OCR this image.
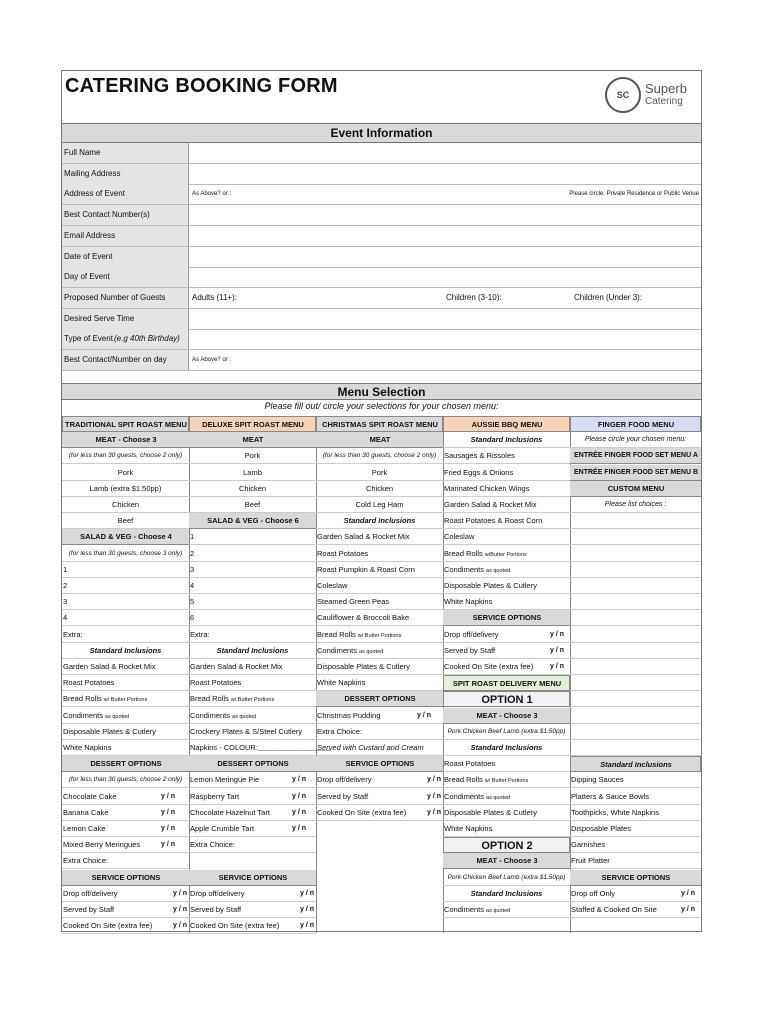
CATERING BOOKING FORM	SC	Superb
Catering
Event Information
Full Name
Mailing Address
Address of Event	As Above? or :	Please circle: Private Residence or Public Venue
Best Contact Number(s)
Email Address
Date of Event
Day of Event
Proposed Number of Guests	Adults (11+):	Children (3-10):	Children (Under 3):
Desired Serve Time
Type of Event (e.g 40th Birthday)
Best Contact/Number on day	As Above? or :
Menu Selection
Please fill out/ circle your selections for your chosen menu:
TRADITIONAL SPIT ROAST MENU
MEAT - Choose 3
(for less than 30 guests, choose 2 only)
Pork
Lamb (extra $1.50pp)
Chicken
Beef
SALAD & VEG - Choose 4
(for less than 30 guests, choose 3 only)
1
2
3
4
Extra:
Standard Inclusions
Garden Salad & Rocket Mix
Roast Potatoes
Bread Rolls w/ Butter Portions
Condiments as quoted
Disposable Plates & Cutlery
White Napkins
DESSERT OPTIONS
(for less than 30 guests, choose 2 only)
Chocolate Cake	y / n
Banana Cake	y / n
Lemon Cake	y / n
Mixed Berry Meringues	y / n
Extra Choice:
SERVICE OPTIONS
Drop off/delivery	y / n
Served by Staff	y / n
Cooked On Site (extra fee)	y / n
DELUXE SPIT ROAST MENU
MEAT
Pork
Lamb
Chicken
Beef
SALAD & VEG - Choose 6
1
2
3
4
5
6
Extra:
Standard Inclusions
Garden Salad & Rocket Mix
Roast Potatoes
Bread Rolls w/ Butter Portions
Condiments as quoted
Crockery Plates & S/Steel Cutlery
Napkins - COLOUR:________________________
DESSERT OPTIONS
Lemon Meringue Pie	y / n
Raspberry Tart	y / n
Chocolate Hazelnut Tart	y / n
Apple Crumble Tart	y / n
Extra Choice:
SERVICE OPTIONS
Drop off/delivery	y / n
Served by Staff	y / n
Cooked On Site (extra fee)	y / n
CHRISTMAS SPIT ROAST MENU
MEAT
(for less than 30 guests, choose 2 only)
Pork
Chicken
Cold Leg Ham
Standard Inclusions
Garden Salad & Rocket Mix
Roast Potatoes
Roast Pumpkin & Roast Corn
Coleslaw
Steamed Green Peas
Cauliflower & Broccoli Bake
Bread Rolls w/ Butter Portions
Condiments as quoted
Disposable Plates & Cutlery
White Napkins
DESSERT OPTIONS
Christmas Pudding	y / n
Extra Choice:
Served with Custard and Cream
SERVICE OPTIONS
Drop off/delivery	y / n
Served by Staff	y / n
Cooked On Site (extra fee)	y / n
AUSSIE BBQ MENU
Standard Inclusions
Sausages & Rissoles
Fried Eggs & Onions
Marinated Chicken Wings
Garden Salad & Rocket Mix
Roast Potatoes & Roast Corn
Coleslaw
Bread Rolls w/Butter Portions
Condiments as quoted
Disposable Plates & Cutlery
White Napkins
SERVICE OPTIONS
Drop off/delivery	y / n
Served by Staff	y / n
Cooked On Site (extra fee) y / n
SPIT ROAST DELIVERY MENU
OPTION 1
MEAT - Choose 3
Pork Chicken Beef Lamb (extra $1.50pp)
Standard Inclusions
Roast Potatoes
Bread Rolls w/ Butter Portions
Condiments as quoted
Disposable Plates & Cutlery
White Napkins
OPTION 2
MEAT - Choose 3
Pork Chicken Beef Lamb (extra $1.50pp)
Standard Inclusions
Condiments as quoted
FINGER FOOD MENU
Please circle your chosen menu:
ENTRÉE FINGER FOOD SET MENU A
ENTRÉE FINGER FOOD SET MENU B
CUSTOM MENU
Please list choices :
Standard Inclusions
Dipping Sauces
Platters & Sauce Bowls
Toothpicks, White Napkins
Disposable Plates
Garnishes
Fruit Platter
SERVICE OPTIONS
Drop off Only	y / n
Staffed & Cooked On Site	y / n
